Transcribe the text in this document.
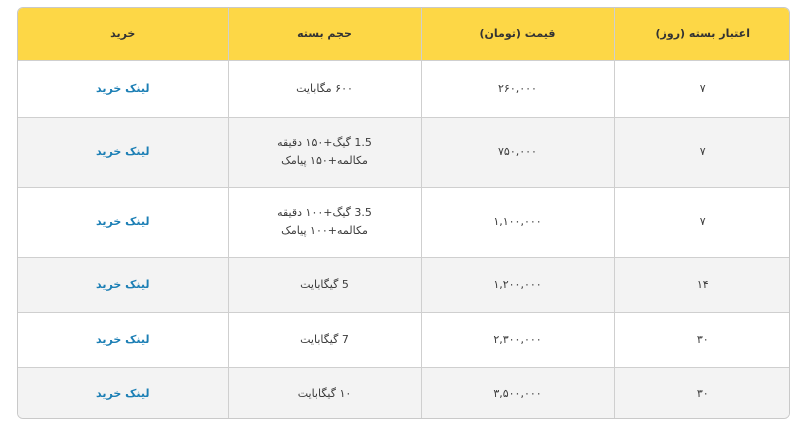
اعتبار بسته (روز)	قیمت (تومان)	حجم بسته	خرید
۷	۲۶۰,۰۰۰	۶۰۰ مگابایت	لینک خرید
۷	۷۵۰,۰۰۰	1.5 گیگ+۱۵۰ دقیقه مکالمه+۱۵۰ پیامک	لینک خرید
۷	۱,۱۰۰,۰۰۰	3.5 گیگ+۱۰۰ دقیقه مکالمه+۱۰۰ پیامک	لینک خرید
۱۴	۱,۲۰۰,۰۰۰	5 گیگابایت	لینک خرید
۳۰	۲,۳۰۰,۰۰۰	7 گیگابایت	لینک خرید
۳۰	۳,۵۰۰,۰۰۰	۱۰ گیگابایت	لینک خرید
